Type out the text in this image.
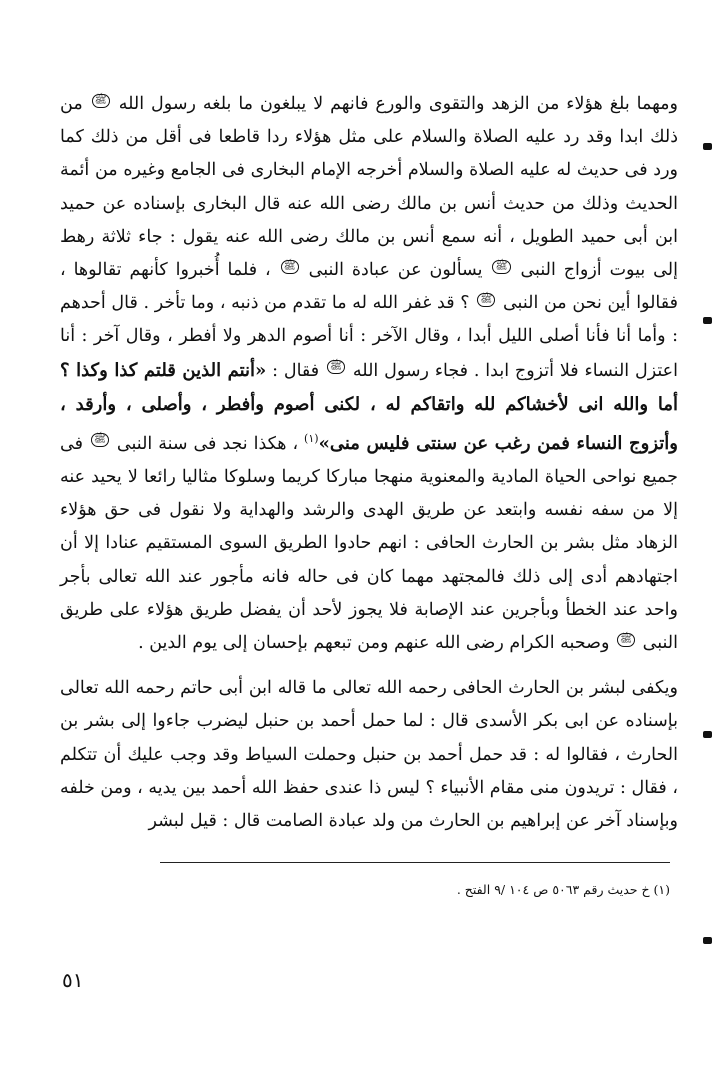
ومهما بلغ هؤلاء من الزهد والتقوى والورع فانهم لا يبلغون ما بلغه رسول الله ﷺ من ذلك ابدا وقد رد عليه الصلاة والسلام على مثل هؤلاء ردا قاطعا فى أقل من ذلك كما ورد فى حديث له عليه الصلاة والسلام أخرجه الإمام البخارى فى الجامع وغيره من أئمة الحديث وذلك من حديث أنس بن مالك رضى الله عنه قال البخارى بإسناده عن حميد ابن أبى حميد الطويل ، أنه سمع أنس بن مالك رضى الله عنه يقول : جاء ثلاثة رهط إلى بيوت أزواج النبى ﷺ يسألون عن عبادة النبى ﷺ ، فلما أُخبروا كأنهم تقالوها ، فقالوا أين نحن من النبى ﷺ ؟ قد غفر الله له ما تقدم من ذنبه ، وما تأخر . قال أحدهم : وأما أنا فأنا أصلى الليل أبدا ، وقال الآخر : أنا أصوم الدهر ولا أفطر ، وقال آخر : أنا اعتزل النساء فلا أتزوج ابدا . فجاء رسول الله ﷺ فقال : «أنتم الذين قلتم كذا وكذا ؟ أما والله انى لأخشاكم لله واتقاكم له ، لكنى أصوم وأفطر ، وأصلى ، وأرقد ، وأتزوج النساء فمن رغب عن سنتى فليس منى»$^{(١)}$ ، هكذا نجد فى سنة النبى ﷺ فى جميع نواحى الحياة المادية والمعنوية منهجا مباركا كريما وسلوكا مثاليا رائعا لا يحيد عنه إلا من سفه نفسه وابتعد عن طريق الهدى والرشد والهداية ولا نقول فى حق هؤلاء الزهاد مثل بشر بن الحارث الحافى : انهم حادوا الطريق السوى المستقيم عنادا إلا أن اجتهادهم أدى إلى ذلك فالمجتهد مهما كان فى حاله فانه مأجور عند الله تعالى بأجر واحد عند الخطأ وبأجرين عند الإصابة فلا يجوز لأحد أن يفضل طريق هؤلاء على طريق النبى ﷺ وصحبه الكرام رضى الله عنهم ومن تبعهم بإحسان إلى يوم الدين .

ويكفى لبشر بن الحارث الحافى رحمه الله تعالى ما قاله ابن أبى حاتم رحمه الله تعالى بإسناده عن ابى بكر الأسدى قال : لما حمل أحمد بن حنبل ليضرب جاءوا إلى بشر بن الحارث ، فقالوا له : قد حمل أحمد بن حنبل وحملت السياط وقد وجب عليك أن تتكلم ، فقال : تريدون منى مقام الأنبياء ؟ ليس ذا عندى حفظ الله أحمد بين يديه ، ومن خلفه وبإسناد آخر عن إبراهيم بن الحارث من ولد عبادة الصامت قال : قيل لبشر

(١) خ حديث رقم ٥٠٦٣ ص ١٠٤ /٩ الفتح .
٥١
